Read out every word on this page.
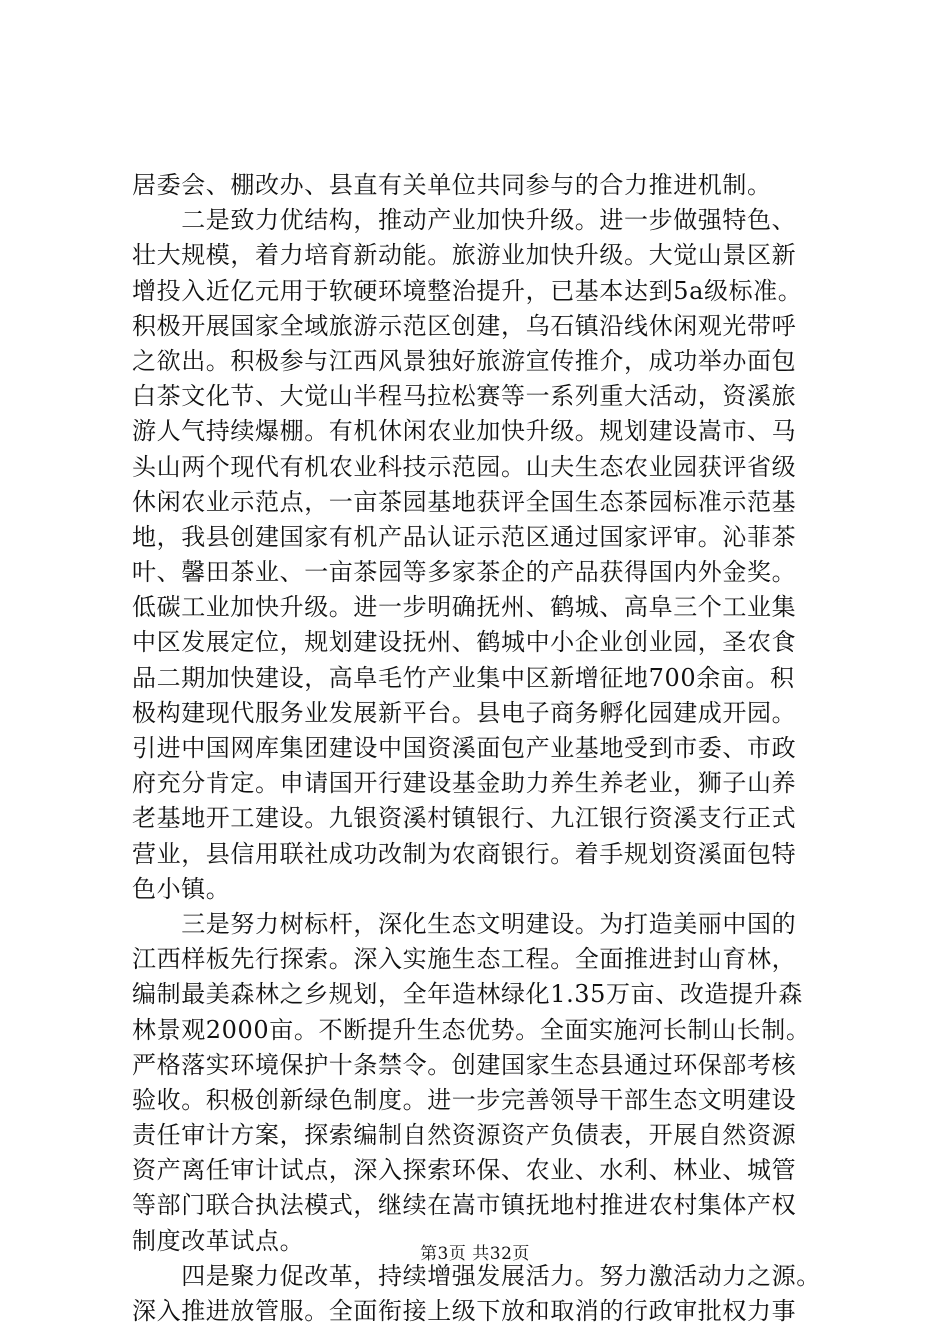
居委会、棚改办、县直有关单位共同参与的合力推进机制。
　　二是致力优结构，推动产业加快升级。进一步做强特色、
壮大规模，着力培育新动能。旅游业加快升级。大觉山景区新
增投入近亿元用于软硬环境整治提升，已基本达到5a级标准。
积极开展国家全域旅游示范区创建，乌石镇沿线休闲观光带呼
之欲出。积极参与江西风景独好旅游宣传推介，成功举办面包
白茶文化节、大觉山半程马拉松赛等一系列重大活动，资溪旅
游人气持续爆棚。有机休闲农业加快升级。规划建设嵩市、马
头山两个现代有机农业科技示范园。山夫生态农业园获评省级
休闲农业示范点，一亩茶园基地获评全国生态茶园标准示范基
地，我县创建国家有机产品认证示范区通过国家评审。沁菲茶
叶、馨田茶业、一亩茶园等多家茶企的产品获得国内外金奖。
低碳工业加快升级。进一步明确抚州、鹤城、高阜三个工业集
中区发展定位，规划建设抚州、鹤城中小企业创业园，圣农食
品二期加快建设，高阜毛竹产业集中区新增征地700余亩。积
极构建现代服务业发展新平台。县电子商务孵化园建成开园。
引进中国网库集团建设中国资溪面包产业基地受到市委、市政
府充分肯定。申请国开行建设基金助力养生养老业，狮子山养
老基地开工建设。九银资溪村镇银行、九江银行资溪支行正式
营业，县信用联社成功改制为农商银行。着手规划资溪面包特
色小镇。
　　三是努力树标杆，深化生态文明建设。为打造美丽中国的
江西样板先行探索。深入实施生态工程。全面推进封山育林，
编制最美森林之乡规划，全年造林绿化1.35万亩、改造提升森
林景观2000亩。不断提升生态优势。全面实施河长制山长制。
严格落实环境保护十条禁令。创建国家生态县通过环保部考核
验收。积极创新绿色制度。进一步完善领导干部生态文明建设
责任审计方案，探索编制自然资源资产负债表，开展自然资源
资产离任审计试点，深入探索环保、农业、水利、林业、城管
等部门联合执法模式，继续在嵩市镇抚地村推进农村集体产权
制度改革试点。
　　四是聚力促改革，持续增强发展活力。努力激活动力之源。
深入推进放管服。全面衔接上级下放和取消的行政审批权力事
第3页 共32页
